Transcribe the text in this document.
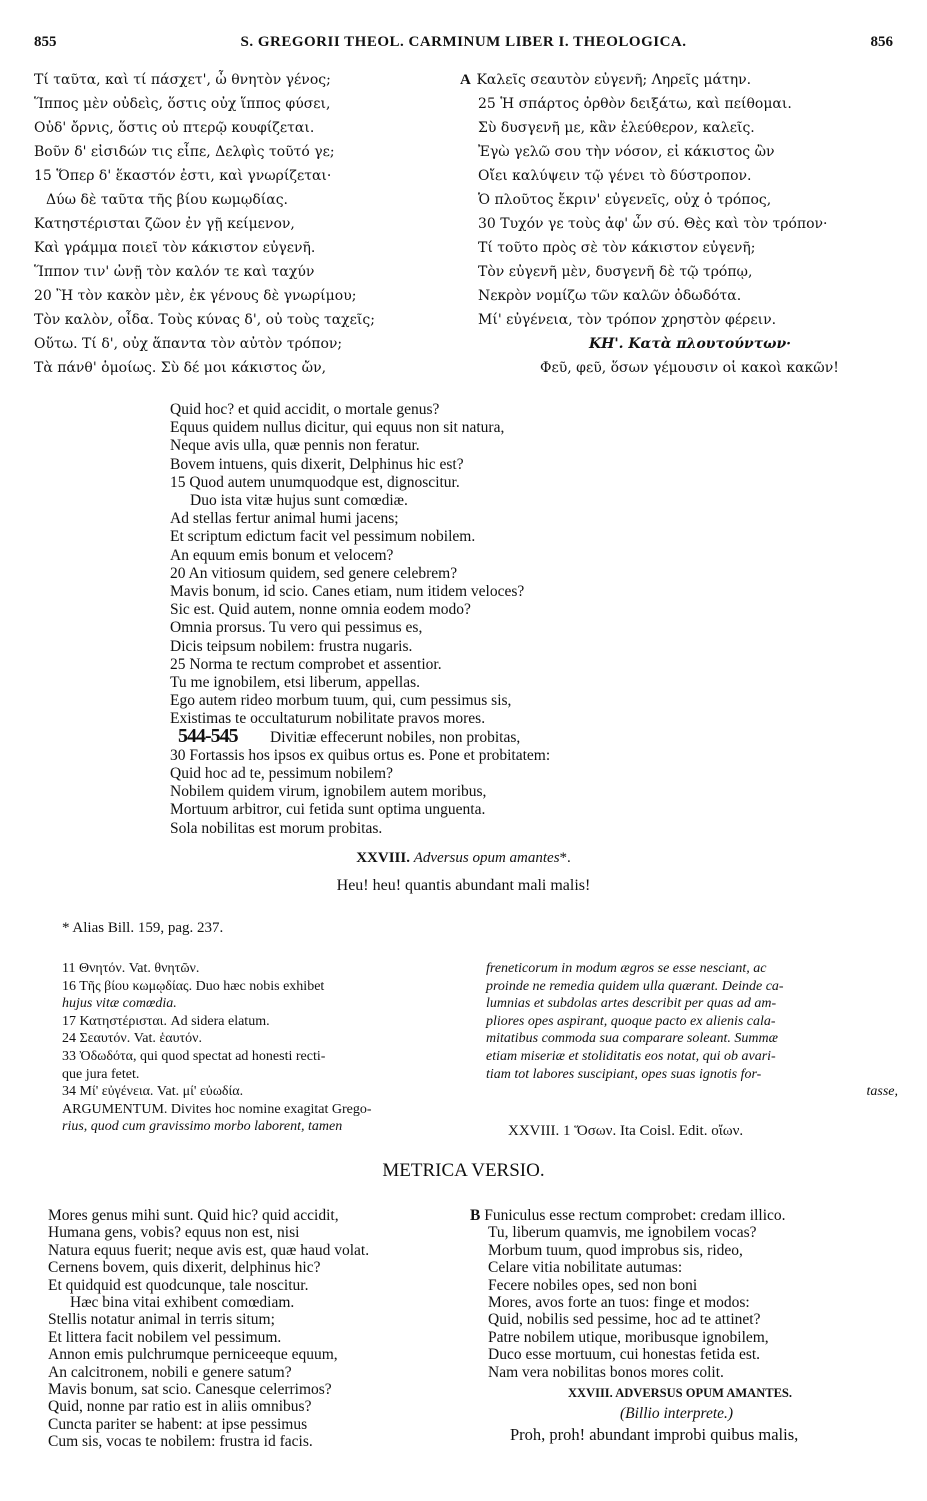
855	S. GREGORII THEOL. CARMINUM LIBER I. THEOLOGICA.	856
Τί ταῦτα, καὶ τί πάσχετ', ὦ θνητὸν γένος;
Ἵππος μὲν οὐδεὶς, ὅστις οὐχ ἵππος φύσει,
Οὐδ' ὄρνις, ὅστις οὐ πτερῷ κουφίζεται.
Βοῦν δ' εἰσιδών τις εἶπε, Δελφὶς τοῦτό γε;
15 Ὅπερ δ' ἕκαστόν ἐστι, καὶ γνωρίζεται·
Δύω δὲ ταῦτα τῆς βίου κωμῳδίας.
Κατηστέρισται ζῶον ἐν γῇ κείμενον,
Καὶ γράμμα ποιεῖ τὸν κάκιστον εὐγενῆ.
Ἵππον τιν' ὠνῇ τὸν καλόν τε καὶ ταχύν
20 Ἢ τὸν κακὸν μὲν, ἐκ γένους δὲ γνωρίμου;
Τὸν καλὸν, οἶδα. Τοὺς κύνας δ', οὐ τοὺς ταχεῖς;
Οὕτω. Τί δ', οὐχ ἅπαντα τὸν αὐτὸν τρόπον;
Τὰ πάνθ' ὁμοίως. Σὺ δέ μοι κάκιστος ὤν,
A Καλεῖς σεαυτὸν εὐγενῆ; Ληρεῖς μάτην.
25 Ἡ σπάρτος ὀρθὸν δειξάτω, καὶ πείθομαι.
Σὺ δυσγενῆ με, κἂν ἐλεύθερον, καλεῖς.
Ἐγὼ γελῶ σου τὴν νόσον, εἰ κάκιστος ὢν
Οἴει καλύψειν τῷ γένει τὸ δύστροπον.
Ὁ πλοῦτος ἔκριν' εὐγενεῖς, οὐχ ὁ τρόπος,
30 Τυχόν γε τοὺς ἀφ' ὧν σύ. Θὲς καὶ τὸν τρόπον·
Τί τοῦτο πρὸς σὲ τὸν κάκιστον εὐγενῆ;
Τὸν εὐγενῆ μὲν, δυσγενῆ δὲ τῷ τρόπῳ,
Νεκρὸν νομίζω τῶν καλῶν ὀδωδότα.
Μί' εὐγένεια, τὸν τρόπον χρηστὸν φέρειν.
ΚΗ'. Κατὰ πλουτούντων·
Φεῦ, φεῦ, ὅσων γέμουσιν οἱ κακοὶ κακῶν!
Quid hoc? et quid accidit, o mortale genus?
Equus quidem nullus dicitur, qui equus non sit natura,
Neque avis ulla, quæ pennis non feratur.
Bovem intuens, quis dixerit, Delphinus hic est?
15 Quod autem unumquodque est, dignoscitur.
Duo ista vitæ hujus sunt comœdiæ.
Ad stellas fertur animal humi jacens;
Et scriptum edictum facit vel pessimum nobilem.
An equum emis bonum et velocem?
20 An vitiosum quidem, sed genere celebrem?
Mavis bonum, id scio. Canes etiam, num itidem veloces?
Sic est. Quid autem, nonne omnia eodem modo?
Omnia prorsus. Tu vero qui pessimus es,
Dicis teipsum nobilem: frustra nugaris.
25 Norma te rectum comprobet et assentior.
Tu me ignobilem, etsi liberum, appellas.
Ego autem rideo morbum tuum, qui, cum pessimus sis,
Existimas te occultaturum nobilitate pravos mores.
Divitiæ effecerunt nobiles, non probitas,
30 Fortassis hos ipsos ex quibus ortus es. Pone et probitatem:
Quid hoc ad te, pessimum nobilem?
Nobilem quidem virum, ignobilem autem moribus,
Mortuum arbitror, cui fetida sunt optima unguenta.
Sola nobilitas est morum probitas.
544-545
XXVIII. Adversus opum amantes*.
Heu! heu! quantis abundant mali malis!
* Alias Bill. 159, pag. 237.
11 Θνητόν. Vat. θνητῶν.
16 Τῆς βίου κωμῳδίας. Duo hæc nobis exhibet
hujus vitæ comœdia.
17 Κατηστέρισται. Ad sidera elatum.
24 Σεαυτόν. Vat. ἑαυτόν.
33 Ὀδωδότα, qui quod spectat ad honesti recti-
que jura fetet.
34 Μί' εὐγένεια. Vat. μί' εὐωδία.
ARGUMENTUM. Divites hoc nomine exagitat Grego-
rius, quod cum gravissimo morbo laborent, tamen
freneticorum in modum ægros se esse nesciant, ac
proinde ne remedia quidem ulla quærant. Deinde ca-
lumnias et subdolas artes describit per quas ad am-
pliores opes aspirant, quoque pacto ex alienis cala-
mitatibus commoda sua comparare soleant. Summæ
etiam miseriæ et stoliditatis eos notat, qui ob avari-
tiam tot labores suscipiant, opes suas ignotis for-
tasse,
XXVIII. 1 Ὅσων. Ita Coisl. Edit. οἴων.
METRICA VERSIO.
Mores genus mihi sunt. Quid hic? quid accidit,
Humana gens, vobis? equus non est, nisi
Natura equus fuerit; neque avis est, quæ haud volat.
Cernens bovem, quis dixerit, delphinus hic?
Et quidquid est quodcunque, tale noscitur.
Hæc bina vitai exhibent comœdiam.
Stellis notatur animal in terris situm;
Et littera facit nobilem vel pessimum.
Annon emis pulchrumque perniceeque equum,
An calcitronem, nobili e genere satum?
Mavis bonum, sat scio. Canesque celerrimos?
Quid, nonne par ratio est in aliis omnibus?
Cuncta pariter se habent: at ipse pessimus
Cum sis, vocas te nobilem: frustra id facis.
B Funiculus esse rectum comprobet: credam illico.
Tu, liberum quamvis, me ignobilem vocas?
Morbum tuum, quod improbus sis, rideo,
Celare vitia nobilitate autumas:
Fecere nobiles opes, sed non boni
Mores, avos forte an tuos: finge et modos:
Quid, nobilis sed pessime, hoc ad te attinet?
Patre nobilem utique, moribusque ignobilem,
Duco esse mortuum, cui honestas fetida est.
Nam vera nobilitas bonos mores colit.
XXVIII. ADVERSUS OPUM AMANTES.
(Billio interprete.)
Proh, proh! abundant improbi quibus malis,
